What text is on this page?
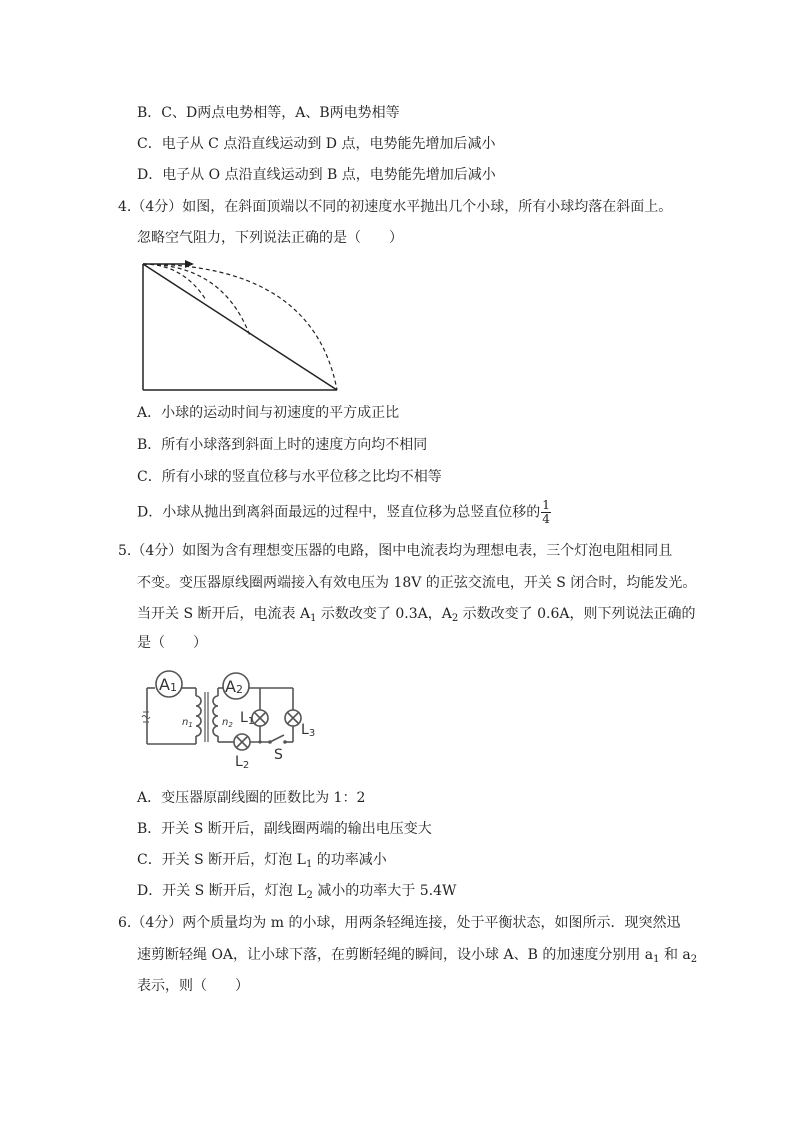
B．C、D两点电势相等，A、B两电势相等
C．电子从 C 点沿直线运动到 D 点，电势能先增加后减小
D．电子从 O 点沿直线运动到 B 点，电势能先增加后减小
4.（4分）如图，在斜面顶端以不同的初速度水平抛出几个小球，所有小球均落在斜面上。
忽略空气阻力，下列说法正确的是（　　）
A．小球的运动时间与初速度的平方成正比
B．所有小球落到斜面上时的速度方向均不相同
C．所有小球的竖直位移与水平位移之比均不相等
D．小球从抛出到离斜面最远的过程中，竖直位移为总竖直位移的 $\frac{1}{4}$
5.（4分）如图为含有理想变压器的电路，图中电流表均为理想电表，三个灯泡电阻相同且
不变。变压器原线圈两端接入有效电压为 18V 的正弦交流电，开关 S 闭合时，均能发光。
当开关 S 断开后，电流表 $A_1$ 示数改变了 0.3A，$A_2$ 示数改变了 0.6A，则下列说法正确的
是（　　）
A1	A2
$n_1$	$n_2$ L1
L3
L2
S
A．变压器原副线圈的匝数比为 1：2
B．开关 S 断开后，副线圈两端的输出电压变大
C．开关 S 断开后，灯泡 $L_1$ 的功率减小
D．开关 S 断开后，灯泡 $L_2$ 减小的功率大于 5.4W
6.（4分）两个质量均为 m 的小球，用两条轻绳连接，处于平衡状态，如图所示．现突然迅
速剪断轻绳 OA，让小球下落，在剪断轻绳的瞬间，设小球 A、B 的加速度分别用 $a_1$ 和 $a_2$
表示，则（　　）
